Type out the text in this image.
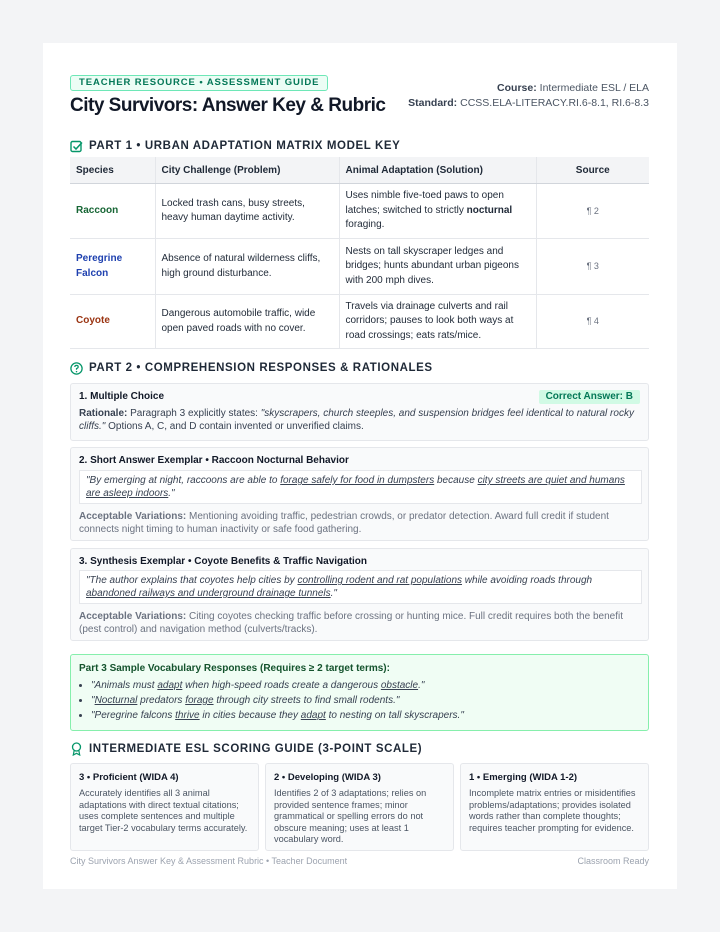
TEACHER RESOURCE • ASSESSMENT GUIDE
City Survivors: Answer Key & Rubric
Course: Intermediate ESL / ELA
Standard: CCSS.ELA-LITERACY.RI.6-8.1, RI.6-8.3
PART 1 • URBAN ADAPTATION MATRIX MODEL KEY
Species	City Challenge (Problem)	Animal Adaptation (Solution)	Source
Raccoon	Locked trash cans, busy streets, heavy human daytime activity.	Uses nimble five-toed paws to open latches; switched to strictly nocturnal foraging.	¶ 2
Peregrine Falcon	Absence of natural wilderness cliffs, high ground disturbance.	Nests on tall skyscraper ledges and bridges; hunts abundant urban pigeons with 200 mph dives.	¶ 3
Coyote	Dangerous automobile traffic, wide open paved roads with no cover.	Travels via drainage culverts and rail corridors; pauses to look both ways at road crossings; eats rats/mice.	¶ 4
PART 2 • COMPREHENSION RESPONSES & RATIONALES
1. Multiple Choice	Correct Answer: B
Rationale: Paragraph 3 explicitly states: "skyscrapers, church steeples, and suspension bridges feel identical to natural rocky cliffs." Options A, C, and D contain invented or unverified claims.
2. Short Answer Exemplar • Raccoon Nocturnal Behavior
"By emerging at night, raccoons are able to forage safely for food in dumpsters because city streets are quiet and humans are asleep indoors."
Acceptable Variations: Mentioning avoiding traffic, pedestrian crowds, or predator detection. Award full credit if student connects night timing to human inactivity or safe food gathering.
3. Synthesis Exemplar • Coyote Benefits & Traffic Navigation
"The author explains that coyotes help cities by controlling rodent and rat populations while avoiding roads through abandoned railways and underground drainage tunnels."
Acceptable Variations: Citing coyotes checking traffic before crossing or hunting mice. Full credit requires both the benefit (pest control) and navigation method (culverts/tracks).
Part 3 Sample Vocabulary Responses (Requires ≥ 2 target terms):
• "Animals must adapt when high-speed roads create a dangerous obstacle."
• "Nocturnal predators forage through city streets to find small rodents."
• "Peregrine falcons thrive in cities because they adapt to nesting on tall skyscrapers."
INTERMEDIATE ESL SCORING GUIDE (3-POINT SCALE)
3 • Proficient (WIDA 4)
Accurately identifies all 3 animal adaptations with direct textual citations; uses complete sentences and multiple target Tier-2 vocabulary terms accurately.
2 • Developing (WIDA 3)
Identifies 2 of 3 adaptations; relies on provided sentence frames; minor grammatical or spelling errors do not obscure meaning; uses at least 1 vocabulary word.
1 • Emerging (WIDA 1-2)
Incomplete matrix entries or misidentifies problems/adaptations; provides isolated words rather than complete thoughts; requires teacher prompting for evidence.
City Survivors Answer Key & Assessment Rubric • Teacher Document	Classroom Ready
